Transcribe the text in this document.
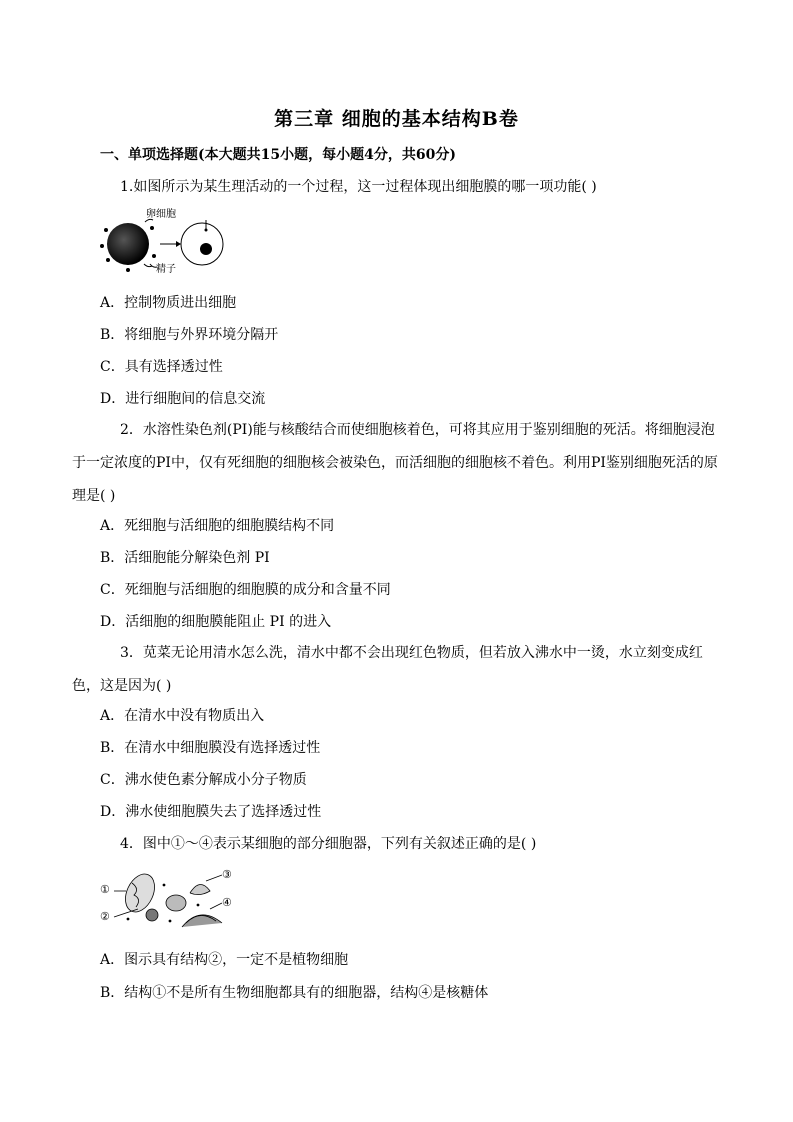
第三章 细胞的基本结构B卷
一、单项选择题(本大题共15小题，每小题4分，共60分)
1.如图所示为某生理活动的一个过程，这一过程体现出细胞膜的哪一项功能( )
卵细胞
精子
A．控制物质进出细胞
B．将细胞与外界环境分隔开
C．具有选择透过性
D．进行细胞间的信息交流
2．水溶性染色剂(PI)能与核酸结合而使细胞核着色，可将其应用于鉴别细胞的死活。将细胞浸泡于一定浓度的PI中，仅有死细胞的细胞核会被染色，而活细胞的细胞核不着色。利用PI鉴别细胞死活的原理是( )
A．死细胞与活细胞的细胞膜结构不同
B．活细胞能分解染色剂 PI
C．死细胞与活细胞的细胞膜的成分和含量不同
D．活细胞的细胞膜能阻止 PI 的进入
3．苋菜无论用清水怎么洗，清水中都不会出现红色物质，但若放入沸水中一烫，水立刻变成红色，这是因为( )
A．在清水中没有物质出入
B．在清水中细胞膜没有选择透过性
C．沸水使色素分解成小分子物质
D．沸水使细胞膜失去了选择透过性
4．图中①～④表示某细胞的部分细胞器，下列有关叙述正确的是( )
①
②
③
④
A．图示具有结构②，一定不是植物细胞
B．结构①不是所有生物细胞都具有的细胞器，结构④是核糖体
